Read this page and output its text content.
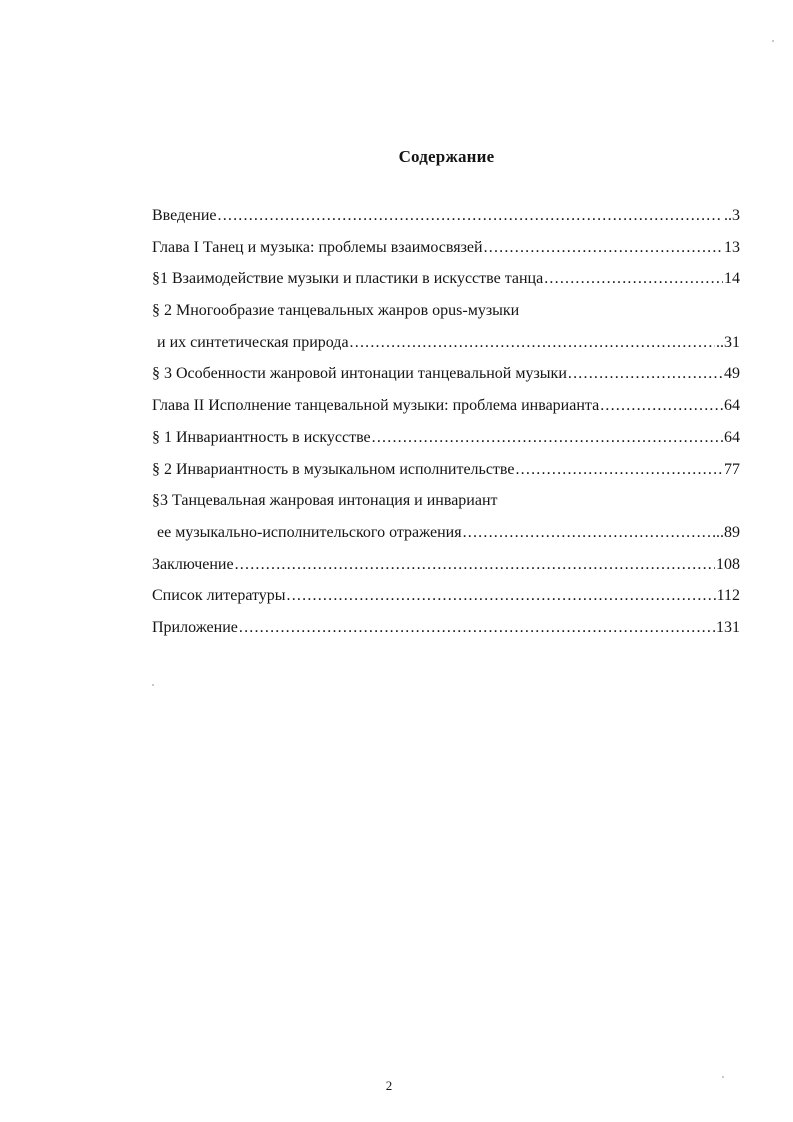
Содержание
Введение .....	..3
Глава I Танец и музыка: проблемы взаимосвязей .....	13
§1 Взаимодействие музыки и пластики в искусстве танца .....	14
§ 2 Многообразие танцевальных жанров opus-музыки
и их синтетическая природа .....	..31
§ 3 Особенности жанровой интонации танцевальной музыки .....	49
Глава II Исполнение танцевальной музыки: проблема инварианта .....	64
§ 1 Инвариантность в искусстве .....	64
§ 2 Инвариантность в музыкальном исполнительстве .....	77
§3 Танцевальная жанровая интонация и инвариант
ее музыкально-исполнительского отражения .....	..89
Заключение .....	108
Список литературы .....	112
Приложение .....	131
2
